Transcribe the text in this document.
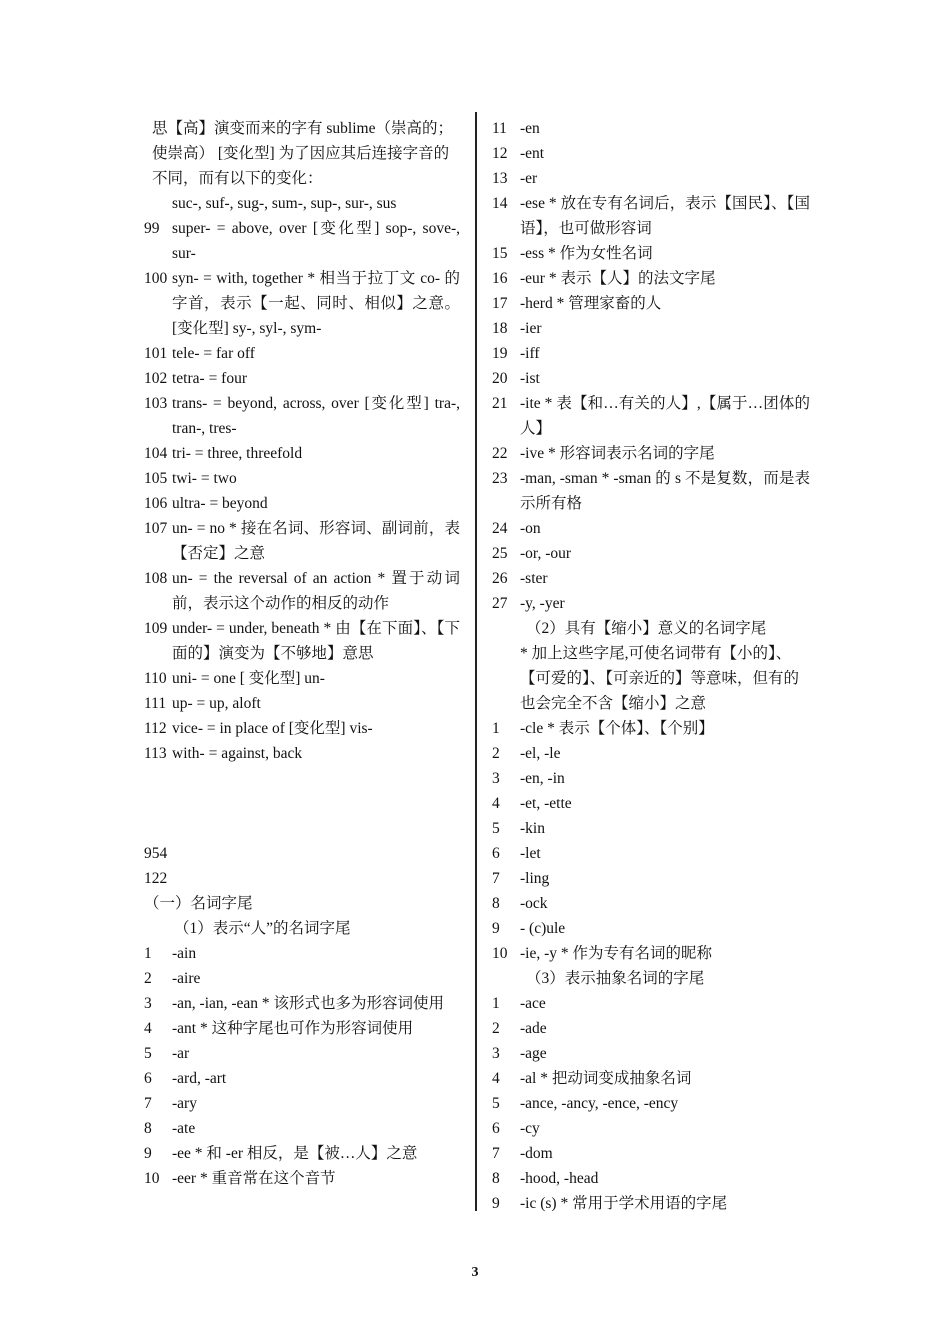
思【高】演变而来的字有 sublime（崇高的；使崇高） [变化型] 为了因应其后连接字音的不同，而有以下的变化：
suc-, suf-, sug-, sum-, sup-, sur-, sus
99 super- = above, over [变化型] sop-, sove-, sur-
100 syn- = with, together * 相当于拉丁文 co- 的字首，表示【一起、同时、相似】之意。 [变化型] sy-, syl-, sym-
101 tele- = far off
102 tetra- = four
103 trans- = beyond, across, over [变化型] tra-, tran-, tres-
104 tri- = three, threefold
105 twi- = two
106 ultra- = beyond
107 un- = no * 接在名词、形容词、副词前，表【否定】之意
108 un- = the reversal of an action * 置于动词前，表示这个动作的相反的动作
109 under- = under, beneath * 由【在下面】、【下面的】演变为【不够地】意思
110 uni- = one [ 变化型] un-
111 up- = up, aloft
112 vice- = in place of [变化型] vis-
113 with- = against, back
954
122
（一）名词字尾
（1）表示“人”的名词字尾
1 -ain
2 -aire
3 -an, -ian, -ean * 该形式也多为形容词使用
4 -ant * 这种字尾也可作为形容词使用
5 -ar
6 -ard, -art
7 -ary
8 -ate
9 -ee * 和 -er 相反，是【被…人】之意
10 -eer * 重音常在这个音节
11 -en
12 -ent
13 -er
14 -ese * 放在专有名词后，表示【国民】、【国语】，也可做形容词
15 -ess * 作为女性名词
16 -eur * 表示【人】的法文字尾
17 -herd * 管理家畜的人
18 -ier
19 -iff
20 -ist
21 -ite * 表【和…有关的人】,【属于…团体的人】
22 -ive * 形容词表示名词的字尾
23 -man, -sman * -sman 的 s 不是复数，而是表示所有格
24 -on
25 -or, -our
26 -ster
27 -y, -yer
（2）具有【缩小】意义的名词字尾
* 加上这些字尾,可使名词带有【小的】、【可爱的】、【可亲近的】等意味，但有的也会完全不含【缩小】之意
1 -cle * 表示【个体】、【个别】
2 -el, -le
3 -en, -in
4 -et, -ette
5 -kin
6 -let
7 -ling
8 -ock
9 - (c)ule
10 -ie, -y * 作为专有名词的昵称
（3）表示抽象名词的字尾
1 -ace
2 -ade
3 -age
4 -al * 把动词变成抽象名词
5 -ance, -ancy, -ence, -ency
6 -cy
7 -dom
8 -hood, -head
9 -ic (s) * 常用于学术用语的字尾
3
